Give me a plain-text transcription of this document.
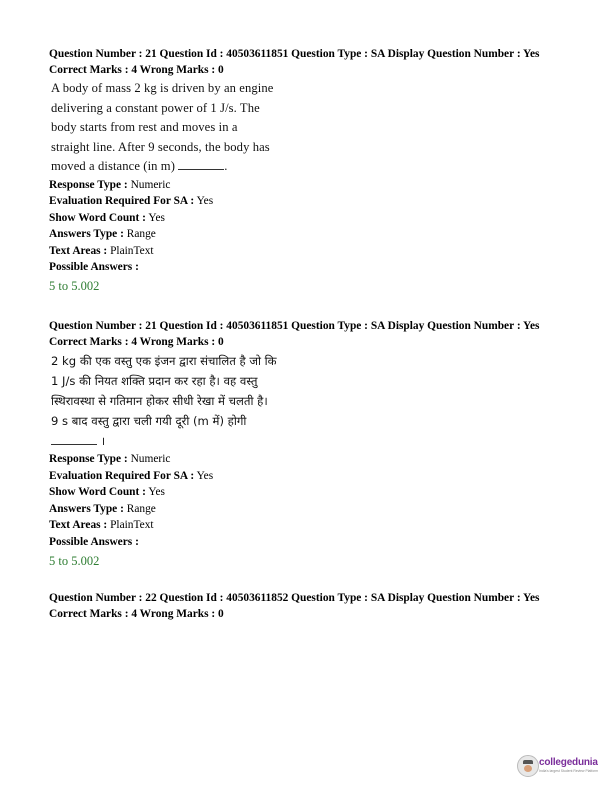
Question Number : 21 Question Id : 40503611851 Question Type : SA Display Question Number : Yes
Correct Marks : 4 Wrong Marks : 0
A body of mass 2 kg is driven by an engine
delivering a constant power of 1 J/s. The
body starts from rest and moves in a
straight line. After 9 seconds, the body has
moved a distance (in m)	.
Response Type : Numeric
Evaluation Required For SA : Yes
Show Word Count : Yes
Answers Type : Range
Text Areas : PlainText
Possible Answers :
5 to 5.002
Question Number : 21 Question Id : 40503611851 Question Type : SA Display Question Number : Yes
Correct Marks : 4 Wrong Marks : 0
2 kg की एक वस्तु एक इंजन द्वारा संचालित है जो कि
1 J/s की नियत शक्ति प्रदान कर रहा है। वह वस्तु
स्थिरावस्था से गतिमान होकर सीधी रेखा में चलती है।
9 s बाद वस्तु द्वारा चली गयी दूरी (m में) होगी
।
Response Type : Numeric
Evaluation Required For SA : Yes
Show Word Count : Yes
Answers Type : Range
Text Areas : PlainText
Possible Answers :
5 to 5.002
Question Number : 22 Question Id : 40503611852 Question Type : SA Display Question Number : Yes
Correct Marks : 4 Wrong Marks : 0
collegedunia
India's largest Student Review Platform
